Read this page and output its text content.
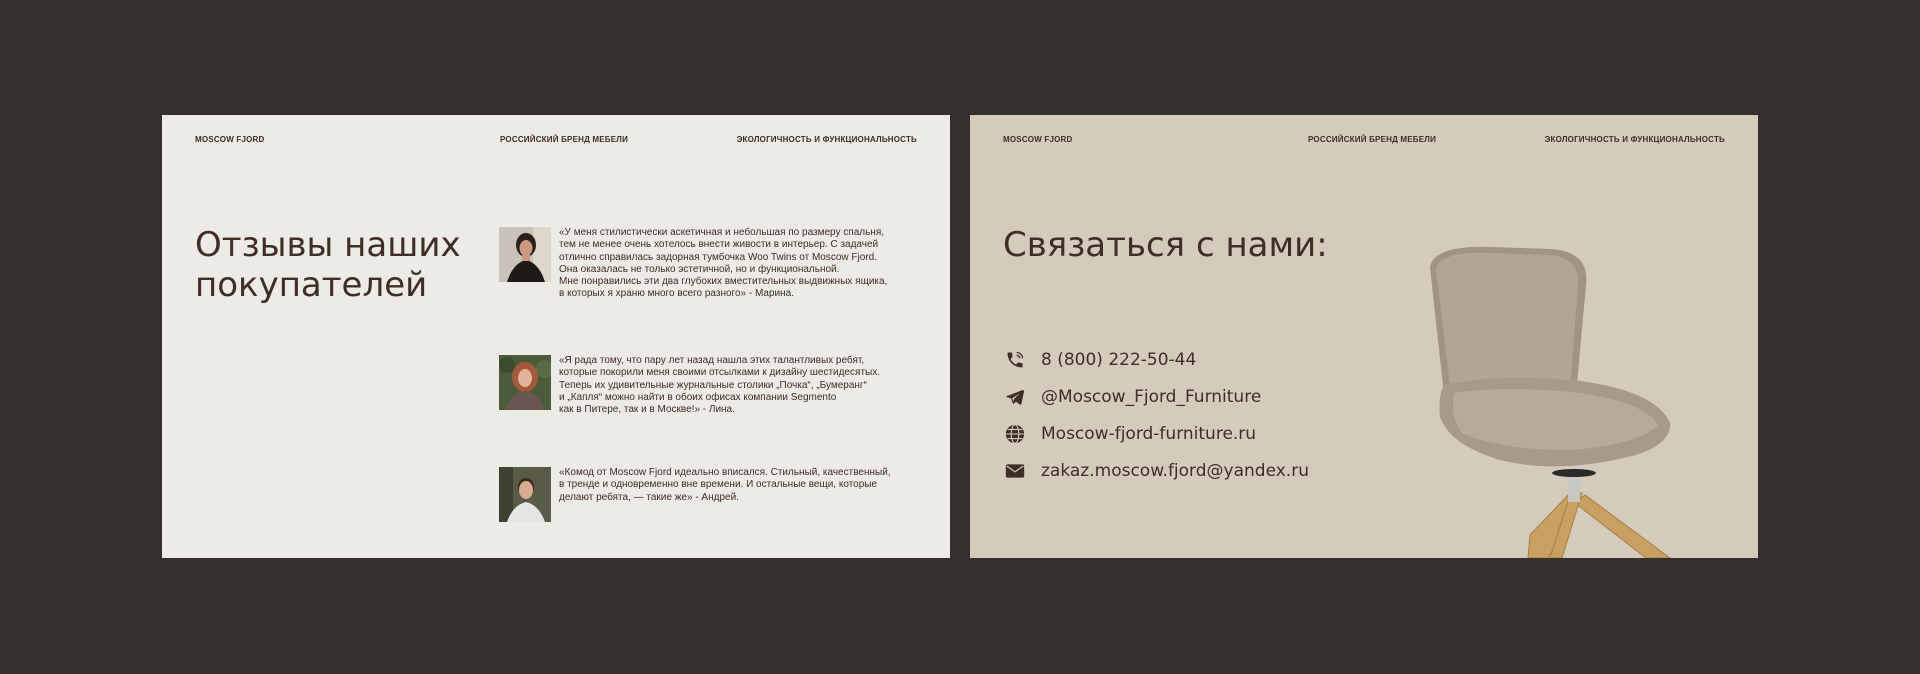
MOSCOW FJORD	РОССИЙСКИЙ БРЕНД МЕБЕЛИ	ЭКОЛОГИЧНОСТЬ И ФУНКЦИОНАЛЬНОСТЬ
Отзывы наших покупателей
«У меня стилистически аскетичная и небольшая по размеру спальня,
тем не менее очень хотелось внести живости в интерьер. С задачей
отлично справилась задорная тумбочка Woo Twins от Moscow Fjord.
Она оказалась не только эстетичной, но и функциональной.
Мне понравились эти два глубоких вместительных выдвижных ящика,
в которых я храню много всего разного» - Марина.
«Я рада тому, что пару лет назад нашла этих талантливых ребят,
которые покорили меня своими отсылками к дизайну шестидесятых.
Теперь их удивительные журнальные столики „Почка“, „Бумеранг“
и „Капля“ можно найти в обоих офисах компании Segmento
как в Питере, так и в Москве!» - Лина.
«Комод от Moscow Fjord идеально вписался. Стильный, качественный,
в тренде и одновременно вне времени. И остальные вещи, которые
делают ребята, — такие же» - Андрей.
MOSCOW FJORD	РОССИЙСКИЙ БРЕНД МЕБЕЛИ	ЭКОЛОГИЧНОСТЬ И ФУНКЦИОНАЛЬНОСТЬ
Связаться с нами:
8 (800) 222-50-44
@Moscow_Fjord_Furniture
Moscow-fjord-furniture.ru
zakaz.moscow.fjord@yandex.ru
